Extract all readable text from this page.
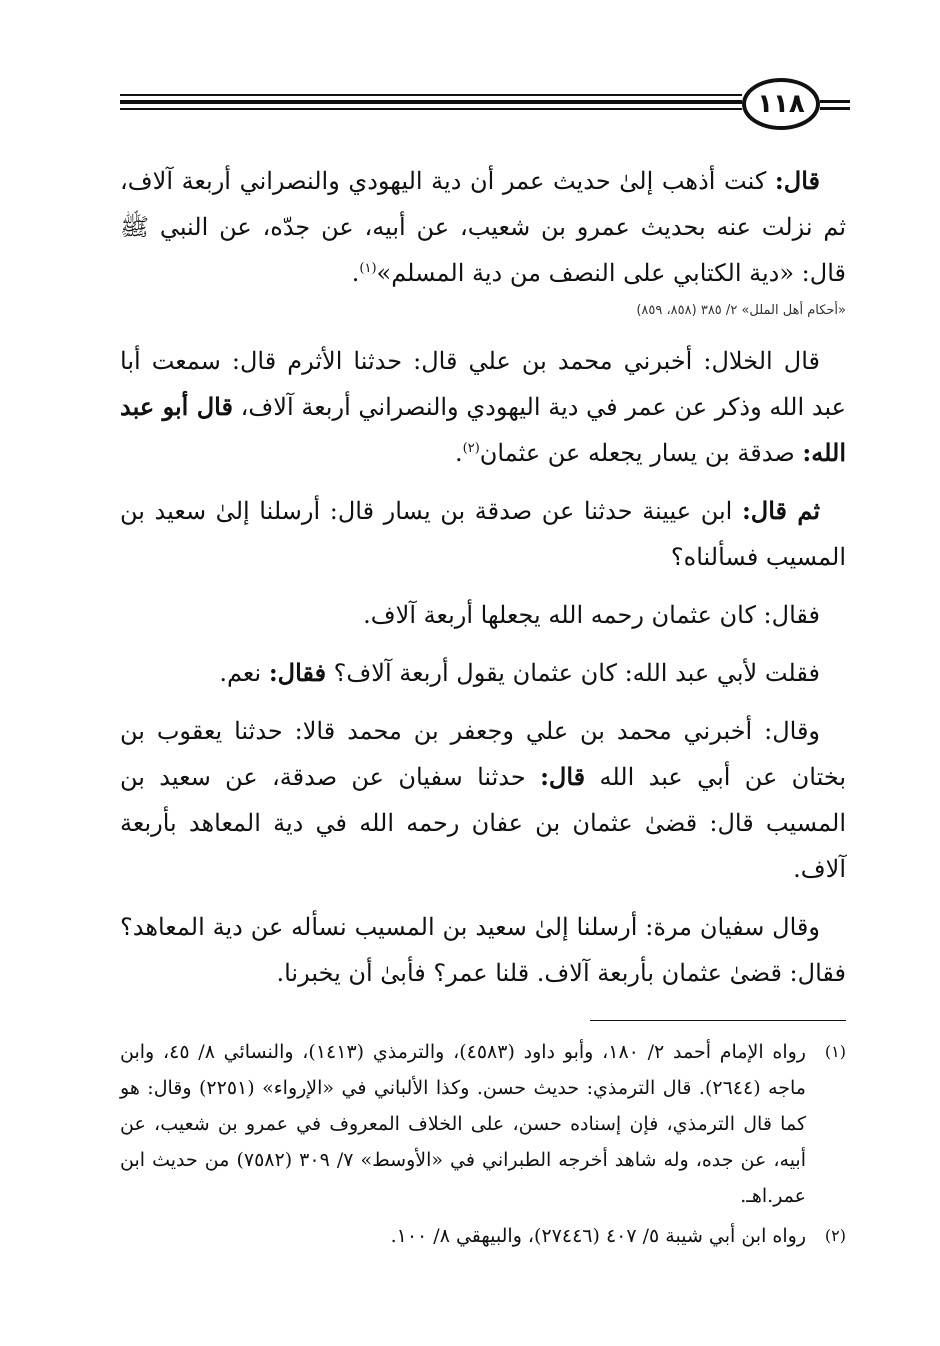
١١٨

قال: كنت أذهب إلىٰ حديث عمر أن دية اليهودي والنصراني أربعة آلاف، ثم نزلت عنه بحديث عمرو بن شعيب، عن أبيه، عن جدّه، عن النبي ﷺ قال: «دية الكتابي على النصف من دية المسلم»$^{(١)}$.

«أحكام أهل الملل» ٢/ ٣٨٥ (٨٥٨، ٨٥٩)

قال الخلال: أخبرني محمد بن علي قال: حدثنا الأثرم قال: سمعت أبا عبد الله وذكر عن عمر في دية اليهودي والنصراني أربعة آلاف، قال أبو عبد الله: صدقة بن يسار يجعله عن عثمان$^{(٢)}$.

ثم قال: ابن عيينة حدثنا عن صدقة بن يسار قال: أرسلنا إلىٰ سعيد بن المسيب فسألناه؟

فقال: كان عثمان رحمه الله يجعلها أربعة آلاف.

فقلت لأبي عبد الله: كان عثمان يقول أربعة آلاف؟ فقال: نعم.

وقال: أخبرني محمد بن علي وجعفر بن محمد قالا: حدثنا يعقوب بن بختان عن أبي عبد الله قال: حدثنا سفيان عن صدقة، عن سعيد بن المسيب قال: قضىٰ عثمان بن عفان رحمه الله في دية المعاهد بأربعة آلاف.

وقال سفيان مرة: أرسلنا إلىٰ سعيد بن المسيب نسأله عن دية المعاهد؟ فقال: قضىٰ عثمان بأربعة آلاف. قلنا عمر؟ فأبىٰ أن يخبرنا.

(١)
رواه الإمام أحمد ٢/ ١٨٠، وأبو داود (٤٥٨٣)، والترمذي (١٤١٣)، والنسائي ٨/ ٤٥، وابن ماجه (٢٦٤٤). قال الترمذي: حديث حسن. وكذا الألباني في «الإرواء» (٢٢٥١) وقال: هو كما قال الترمذي، فإن إسناده حسن، على الخلاف المعروف في عمرو بن شعيب، عن أبيه، عن جده، وله شاهد أخرجه الطبراني في «الأوسط» ٧/ ٣٠٩ (٧٥٨٢) من حديث ابن عمر.اهـ.
(٢)
رواه ابن أبي شيبة ٥/ ٤٠٧ (٢٧٤٤٦)، والبيهقي ٨/ ١٠٠.
